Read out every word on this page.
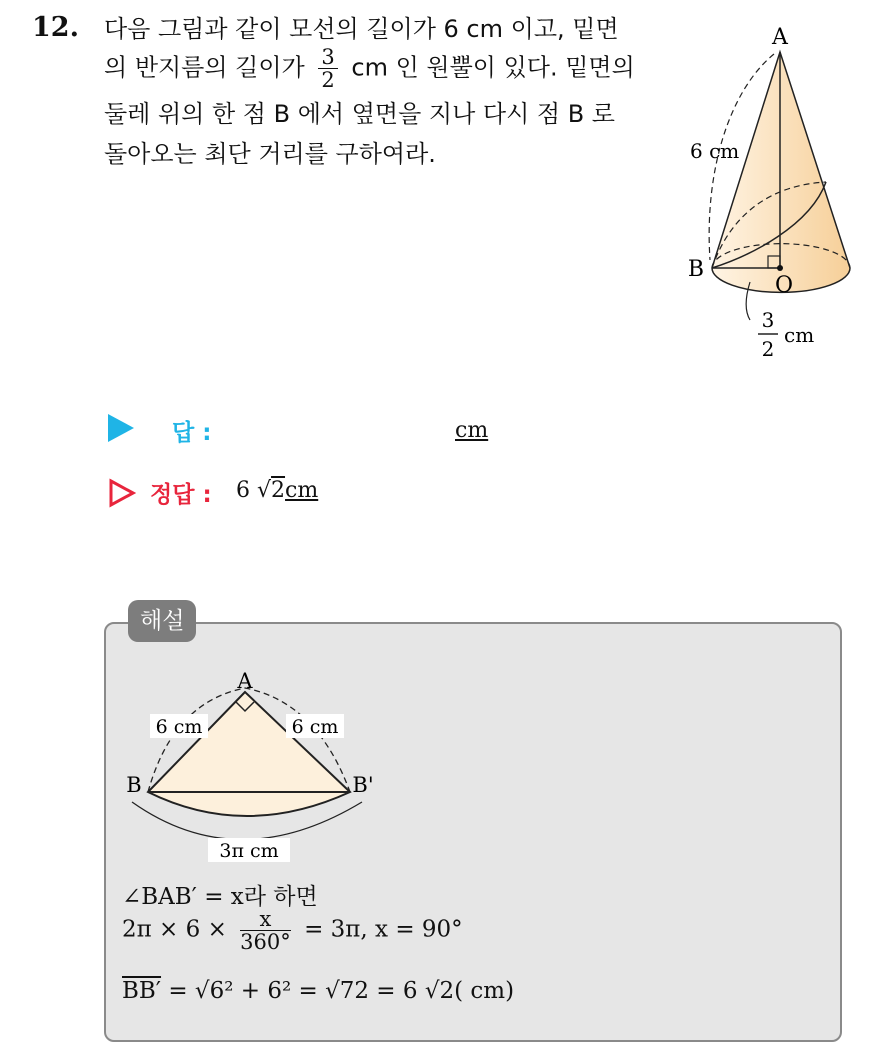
12. 다음 그림과 같이 모선의 길이가 6 cm 이고, 밑면
의 반지름의 길이가 $\frac{3}{2}$ cm 인 원뿔이 있다. 밑면의
둘레 위의 한 점 B 에서 옆면을 지나 다시 점 B 로
돌아오는 최단 거리를 구하여라.
A
B
O
6 cm
3
2
cm
답 :	cm
정답 : 6 √2cm
해설
A
B	B'
6 cm	6 cm
3π cm
∠BAB′ = x라 하면
$2\pi \times 6 \times \frac{x}{360^\circ} = 3\pi$, x = 90°
BB′ = √6² + 6² = √72 = 6 √2( cm)
